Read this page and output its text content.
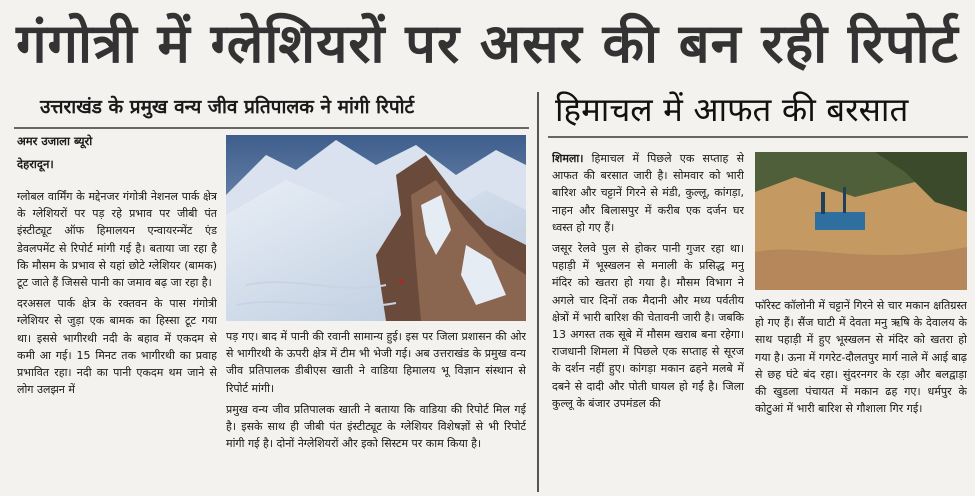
गंगोत्री में ग्लेशियरों पर असर की बन रही रिपोर्ट
उत्तराखंड के प्रमुख वन्य जीव प्रतिपालक ने मांगी रिपोर्ट	हिमाचल में आफत की बरसात
अमर उजाला ब्यूरो
देहरादून।

ग्लोबल वार्मिंग के मद्देनजर गंगोत्री नेशनल पार्क क्षेत्र के ग्लेशियरों पर पड़ रहे प्रभाव पर जीबी पंत इंस्टीट्यूट ऑफ हिमालयन एन्वायरन्मेंट एंड डेवलपमेंट से रिपोर्ट मांगी गई है। बताया जा रहा है कि मौसम के प्रभाव से यहां छोटे ग्लेशियर (बामक) टूट जाते हैं जिससे पानी का जमाव बढ़ जा रहा है।

दरअसल पार्क क्षेत्र के रक्तवन के पास गंगोत्री ग्लेशियर से जुड़ा एक बामक का हिस्सा टूट गया था। इससे भागीरथी नदी के बहाव में एकदम से कमी आ गई। 15 मिनट तक भागीरथी का प्रवाह प्रभावित रहा। नदी का पानी एकदम थम जाने से लोग उलझन में

पड़ गए। बाद में पानी की रवानी सामान्य हुई। इस पर जिला प्रशासन की ओर से भागीरथी के ऊपरी क्षेत्र में टीम भी भेजी गई। अब उत्तराखंड के प्रमुख वन्य जीव प्रतिपालक डीबीएस खाती ने वाडिया हिमालय भू विज्ञान संस्थान से रिपोर्ट मांगी।

प्रमुख वन्य जीव प्रतिपालक खाती ने बताया कि वाडिया की रिपोर्ट मिल गई है। इसके साथ ही जीबी पंत इंस्टीट्यूट के ग्लेशियर विशेषज्ञों से भी रिपोर्ट मांगी गई है। दोनों नेग्लेशियरों और इको सिस्टम पर काम किया है।

शिमला। हिमाचल में पिछले एक सप्ताह से आफत की बरसात जारी है। सोमवार को भारी बारिश और चट्टानें गिरने से मंडी, कुल्लू, कांगड़ा, नाहन और बिलासपुर में करीब एक दर्जन घर ध्वस्त हो गए हैं।

जसूर रेलवे पुल से होकर पानी गुजर रहा था। पहाड़ी में भूस्खलन से मनाली के प्रसिद्ध मनु मंदिर को खतरा हो गया है। मौसम विभाग ने अगले चार दिनों तक मैदानी और मध्य पर्वतीय क्षेत्रों में भारी बारिश की चेतावनी जारी है। जबकि 13 अगस्त तक सूबे में मौसम खराब बना रहेगा। राजधानी शिमला में पिछले एक सप्ताह से सूरज के दर्शन नहीं हुए। कांगड़ा मकान ढहने मलबे में दबने से दादी और पोती घायल हो गईं है। जिला कुल्लू के बंजार उपमंडल की

फॉरेस्ट कॉलोनी में चट्टानें गिरने से चार मकान क्षतिग्रस्त हो गए हैं। सैंज घाटी में देवता मनु ऋषि के देवालय के साथ पहाड़ी में हुए भूस्खलन से मंदिर को खतरा हो गया है। ऊना में गगरेट-दौलतपुर मार्ग नाले में आई बाढ़ से छह घंटे बंद रहा। सुंदरनगर के रड़ा और बलद्वाड़ा की खुडला पंचायत में मकान ढह गए। धर्मपुर के कोटुआं में भारी बारिश से गौशाला गिर गई।
